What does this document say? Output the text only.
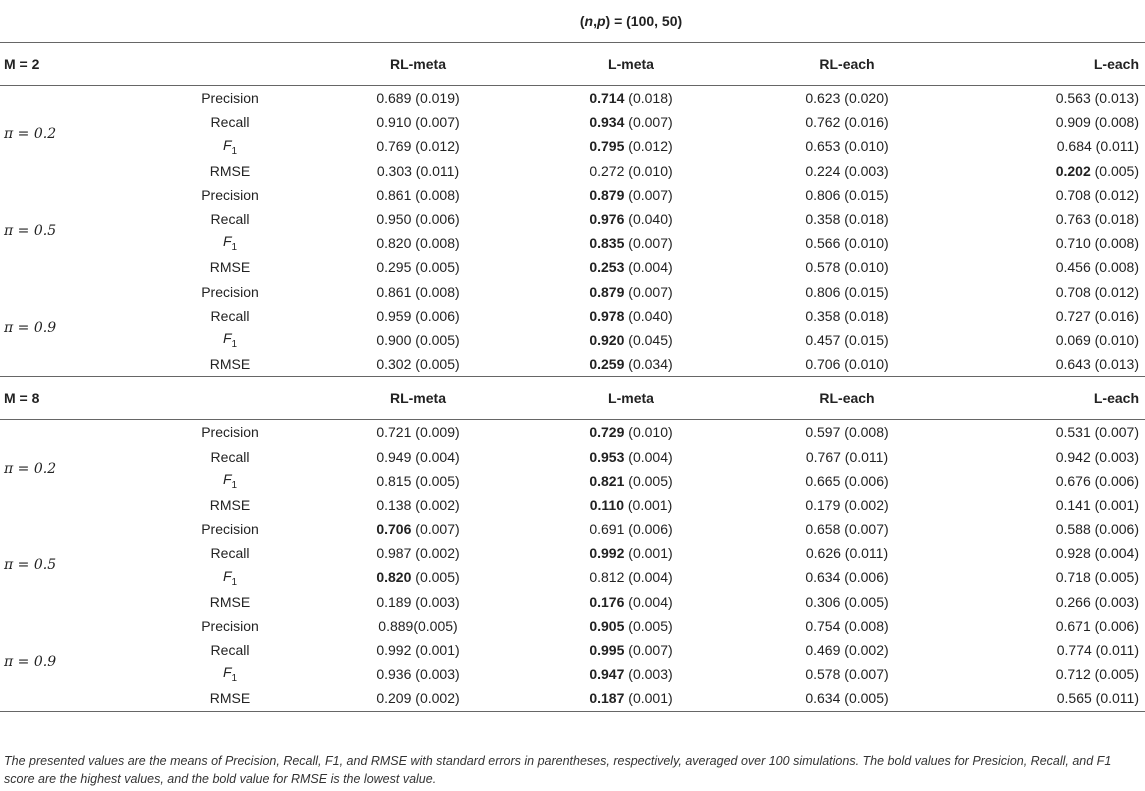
			(n,p) = (100, 50)		
M = 2		RL-meta	L-meta	RL-each	L-each
π = 0.2	Precision	0.689 (0.019)	0.714 (0.018)	0.623 (0.020)	0.563 (0.013)
	Recall	0.910 (0.007)	0.934 (0.007)	0.762 (0.016)	0.909 (0.008)
	$F_1$	0.769 (0.012)	0.795 (0.012)	0.653 (0.010)	0.684 (0.011)
	RMSE	0.303 (0.011)	0.272 (0.010)	0.224 (0.003)	0.202 (0.005)
π = 0.5	Precision	0.861 (0.008)	0.879 (0.007)	0.806 (0.015)	0.708 (0.012)
	Recall	0.950 (0.006)	0.976 (0.040)	0.358 (0.018)	0.763 (0.018)
	$F_1$	0.820 (0.008)	0.835 (0.007)	0.566 (0.010)	0.710 (0.008)
	RMSE	0.295 (0.005)	0.253 (0.004)	0.578 (0.010)	0.456 (0.008)
π = 0.9	Precision	0.861 (0.008)	0.879 (0.007)	0.806 (0.015)	0.708 (0.012)
	Recall	0.959 (0.006)	0.978 (0.040)	0.358 (0.018)	0.727 (0.016)
	$F_1$	0.900 (0.005)	0.920 (0.045)	0.457 (0.015)	0.069 (0.010)
	RMSE	0.302 (0.005)	0.259 (0.034)	0.706 (0.010)	0.643 (0.013)
M = 8		RL-meta	L-meta	RL-each	L-each
π = 0.2	Precision	0.721 (0.009)	0.729 (0.010)	0.597 (0.008)	0.531 (0.007)
	Recall	0.949 (0.004)	0.953 (0.004)	0.767 (0.011)	0.942 (0.003)
	$F_1$	0.815 (0.005)	0.821 (0.005)	0.665 (0.006)	0.676 (0.006)
	RMSE	0.138 (0.002)	0.110 (0.001)	0.179 (0.002)	0.141 (0.001)
π = 0.5	Precision	0.706 (0.007)	0.691 (0.006)	0.658 (0.007)	0.588 (0.006)
	Recall	0.987 (0.002)	0.992 (0.001)	0.626 (0.011)	0.928 (0.004)
	$F_1$	0.820 (0.005)	0.812 (0.004)	0.634 (0.006)	0.718 (0.005)
	RMSE	0.189 (0.003)	0.176 (0.004)	0.306 (0.005)	0.266 (0.003)
π = 0.9	Precision	0.889(0.005)	0.905 (0.005)	0.754 (0.008)	0.671 (0.006)
	Recall	0.992 (0.001)	0.995 (0.007)	0.469 (0.002)	0.774 (0.011)
	$F_1$	0.936 (0.003)	0.947 (0.003)	0.578 (0.007)	0.712 (0.005)
	RMSE	0.209 (0.002)	0.187 (0.001)	0.634 (0.005)	0.565 (0.011)
The presented values are the means of Precision, Recall, F1, and RMSE with standard errors in parentheses, respectively, averaged over 100 simulations. The bold values for Presicion, Recall, and F1 score are the highest values, and the bold value for RMSE is the lowest value.
